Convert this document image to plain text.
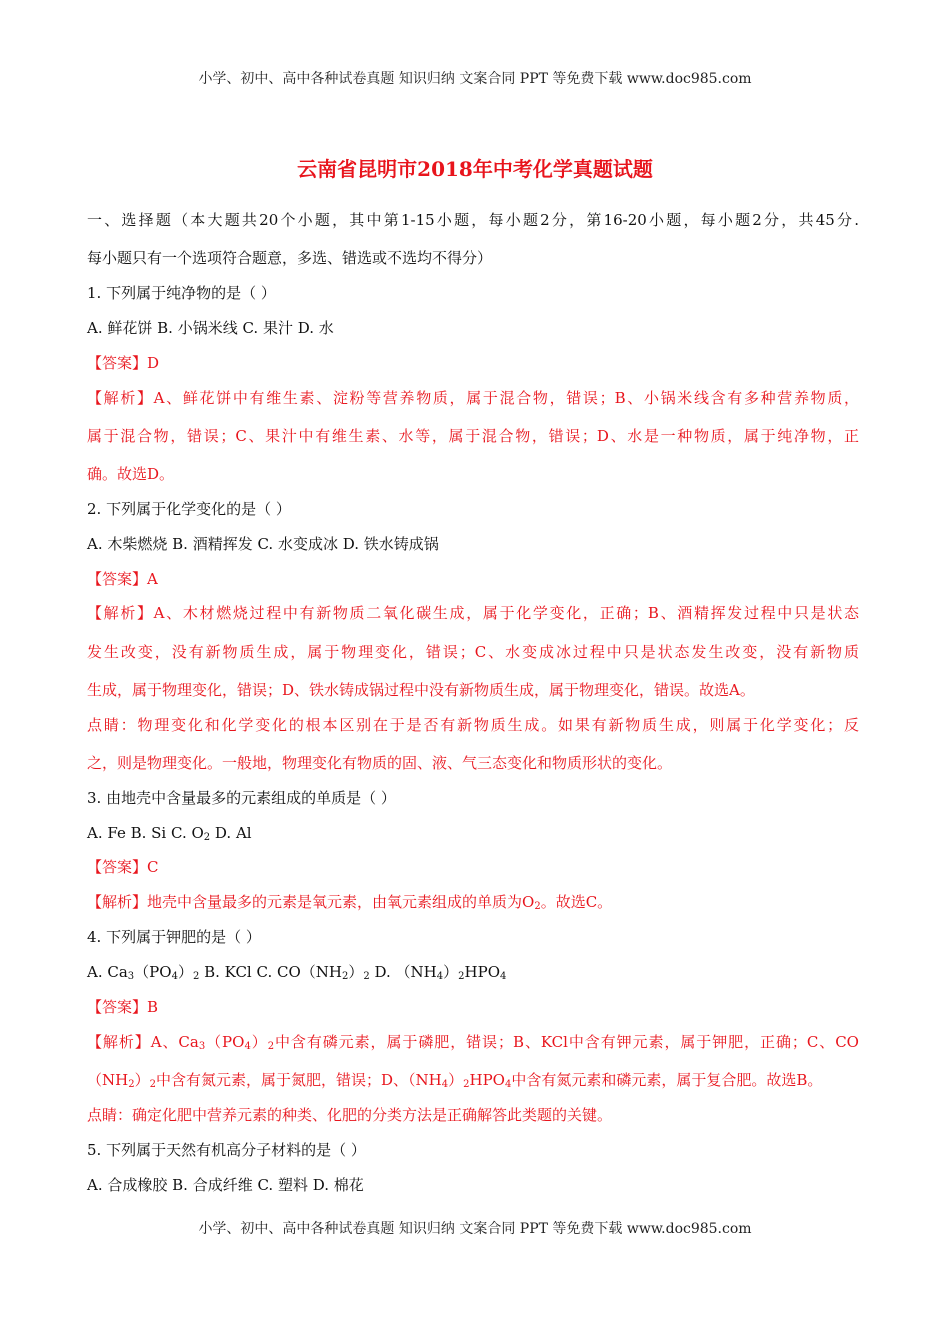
小学、初中、高中各种试卷真题 知识归纳 文案合同 PPT 等免费下载 www.doc985.com
云南省昆明市2018年中考化学真题试题
一、选择题（本大题共20个小题，其中第1-15小题，每小题2分，第16-20小题，每小题2分，共45分.
每小题只有一个选项符合题意，多选、错选或不选均不得分）
1. 下列属于纯净物的是（ ）
A. 鲜花饼 B. 小锅米线 C. 果汁 D. 水
【答案】D
【解析】A、鲜花饼中有维生素、淀粉等营养物质，属于混合物，错误；B、小锅米线含有多种营养物质，
属于混合物，错误；C、果汁中有维生素、水等，属于混合物，错误；D、水是一种物质，属于纯净物，正
确。故选D。
2. 下列属于化学变化的是（ ）
A. 木柴燃烧 B. 酒精挥发 C. 水变成冰 D. 铁水铸成锅
【答案】A
【解析】A、木材燃烧过程中有新物质二氧化碳生成，属于化学变化，正确；B、酒精挥发过程中只是状态
发生改变，没有新物质生成，属于物理变化，错误；C、水变成冰过程中只是状态发生改变，没有新物质
生成，属于物理变化，错误；D、铁水铸成锅过程中没有新物质生成，属于物理变化，错误。故选A。
点睛：物理变化和化学变化的根本区别在于是否有新物质生成。如果有新物质生成，则属于化学变化；反
之，则是物理变化。一般地，物理变化有物质的固、液、气三态变化和物质形状的变化。
3. 由地壳中含量最多的元素组成的单质是（ ）
A. Fe B. Si C. $O_2$ D. Al
【答案】C
【解析】地壳中含量最多的元素是氧元素，由氧元素组成的单质为$O_2$。故选C。
4. 下列属于钾肥的是（ ）
A. $Ca_3(PO_4)_2$ B. KCl C. $CO(NH_2)_2$ D. $(NH_4)_2HPO_4$
【答案】B
【解析】A、$Ca_3(PO_4)_2$中含有磷元素，属于磷肥，错误；B、KCl中含有钾元素，属于钾肥，正确；C、CO
$(NH_2)_2$中含有氮元素，属于氮肥，错误；D、$(NH_4)_2HPO_4$中含有氮元素和磷元素，属于复合肥。故选B。
点睛：确定化肥中营养元素的种类、化肥的分类方法是正确解答此类题的关键。
5. 下列属于天然有机高分子材料的是（ ）
A. 合成橡胶 B. 合成纤维 C. 塑料 D. 棉花
小学、初中、高中各种试卷真题 知识归纳 文案合同 PPT 等免费下载 www.doc985.com
